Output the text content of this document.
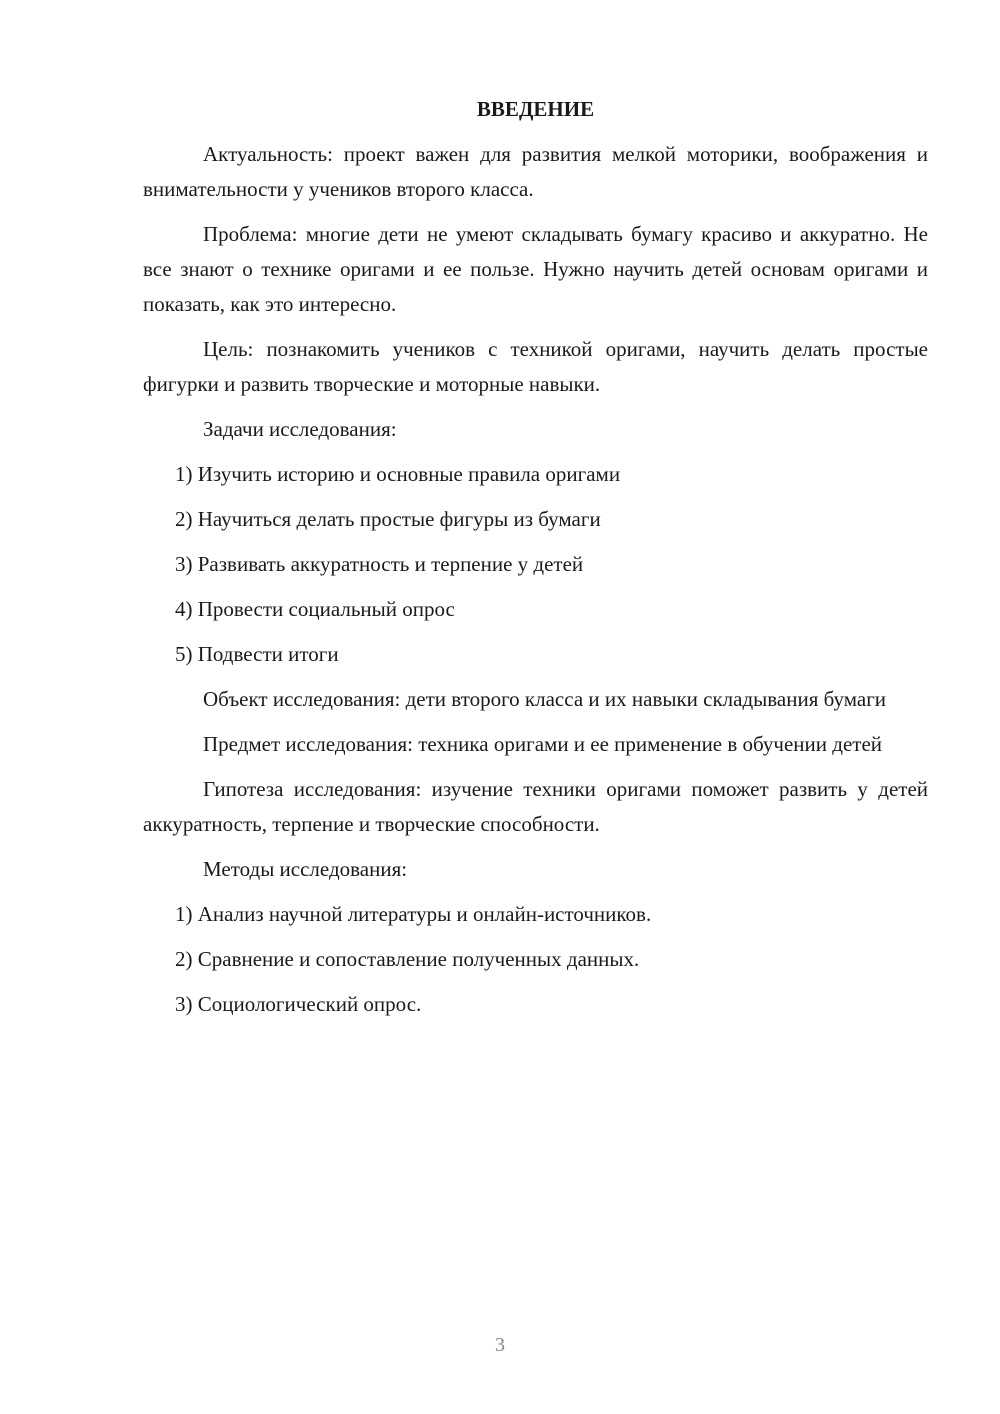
ВВЕДЕНИЕ

Актуальность: проект важен для развития мелкой моторики, воображения и внимательности у учеников второго класса.

Проблема: многие дети не умеют складывать бумагу красиво и аккуратно. Не все знают о технике оригами и ее пользе. Нужно научить детей основам оригами и показать, как это интересно.

Цель: познакомить учеников с техникой оригами, научить делать простые фигурки и развить творческие и моторные навыки.

Задачи исследования:
1) Изучить историю и основные правила оригами
2) Научиться делать простые фигуры из бумаги
3) Развивать аккуратность и терпение у детей
4) Провести социальный опрос
5) Подвести итоги

Объект исследования: дети второго класса и их навыки складывания бумаги

Предмет исследования: техника оригами и ее применение в обучении детей

Гипотеза исследования: изучение техники оригами поможет развить у детей аккуратность, терпение и творческие способности.

Методы исследования:
1) Анализ научной литературы и онлайн-источников.
2) Сравнение и сопоставление полученных данных.
3) Социологический опрос.
3
